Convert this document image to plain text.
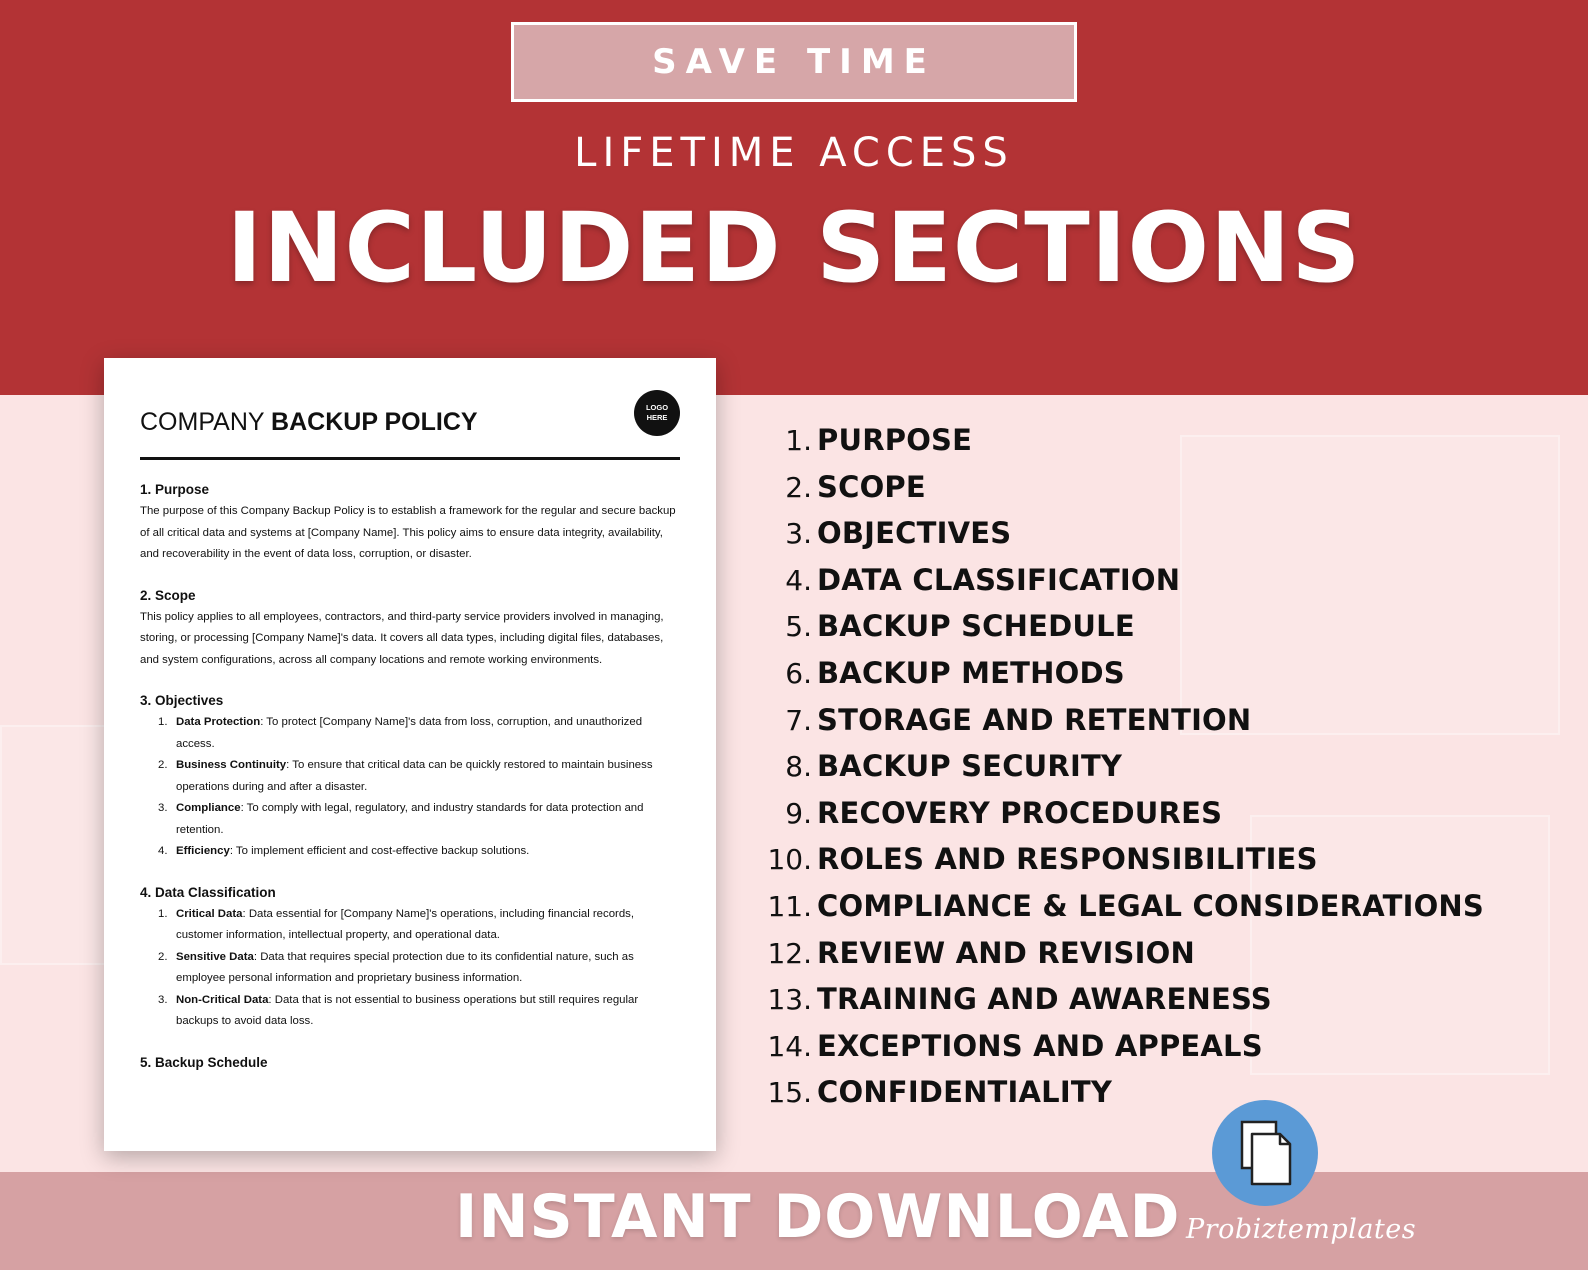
SAVE TIME
LIFETIME ACCESS
INCLUDED SECTIONS
COMPANY BACKUP POLICY
LOGO
HERE
1. Purpose

The purpose of this Company Backup Policy is to establish a framework for the regular and secure backup of all critical data and systems at [Company Name]. This policy aims to ensure data integrity, availability, and recoverability in the event of data loss, corruption, or disaster.

2. Scope

This policy applies to all employees, contractors, and third-party service providers involved in managing, storing, or processing [Company Name]'s data. It covers all data types, including digital files, databases, and system configurations, across all company locations and remote working environments.

3. Objectives
1. Data Protection: To protect [Company Name]'s data from loss, corruption, and unauthorized access.
2. Business Continuity: To ensure that critical data can be quickly restored to maintain business operations during and after a disaster.
3. Compliance: To comply with legal, regulatory, and industry standards for data protection and retention.
4. Efficiency: To implement efficient and cost-effective backup solutions.
4. Data Classification
1. Critical Data: Data essential for [Company Name]'s operations, including financial records, customer information, intellectual property, and operational data.
2. Sensitive Data: Data that requires special protection due to its confidential nature, such as employee personal information and proprietary business information.
3. Non-Critical Data: Data that is not essential to business operations but still requires regular backups to avoid data loss.
5. Backup Schedule
1. PURPOSE
2. SCOPE
3. OBJECTIVES
4. DATA CLASSIFICATION
5. BACKUP SCHEDULE
6. BACKUP METHODS
7. STORAGE AND RETENTION
8. BACKUP SECURITY
9. RECOVERY PROCEDURES
10. ROLES AND RESPONSIBILITIES
11. COMPLIANCE & LEGAL CONSIDERATIONS
12. REVIEW AND REVISION
13. TRAINING AND AWARENESS
14. EXCEPTIONS AND APPEALS
15. CONFIDENTIALITY
INSTANT DOWNLOAD Probiztemplates
